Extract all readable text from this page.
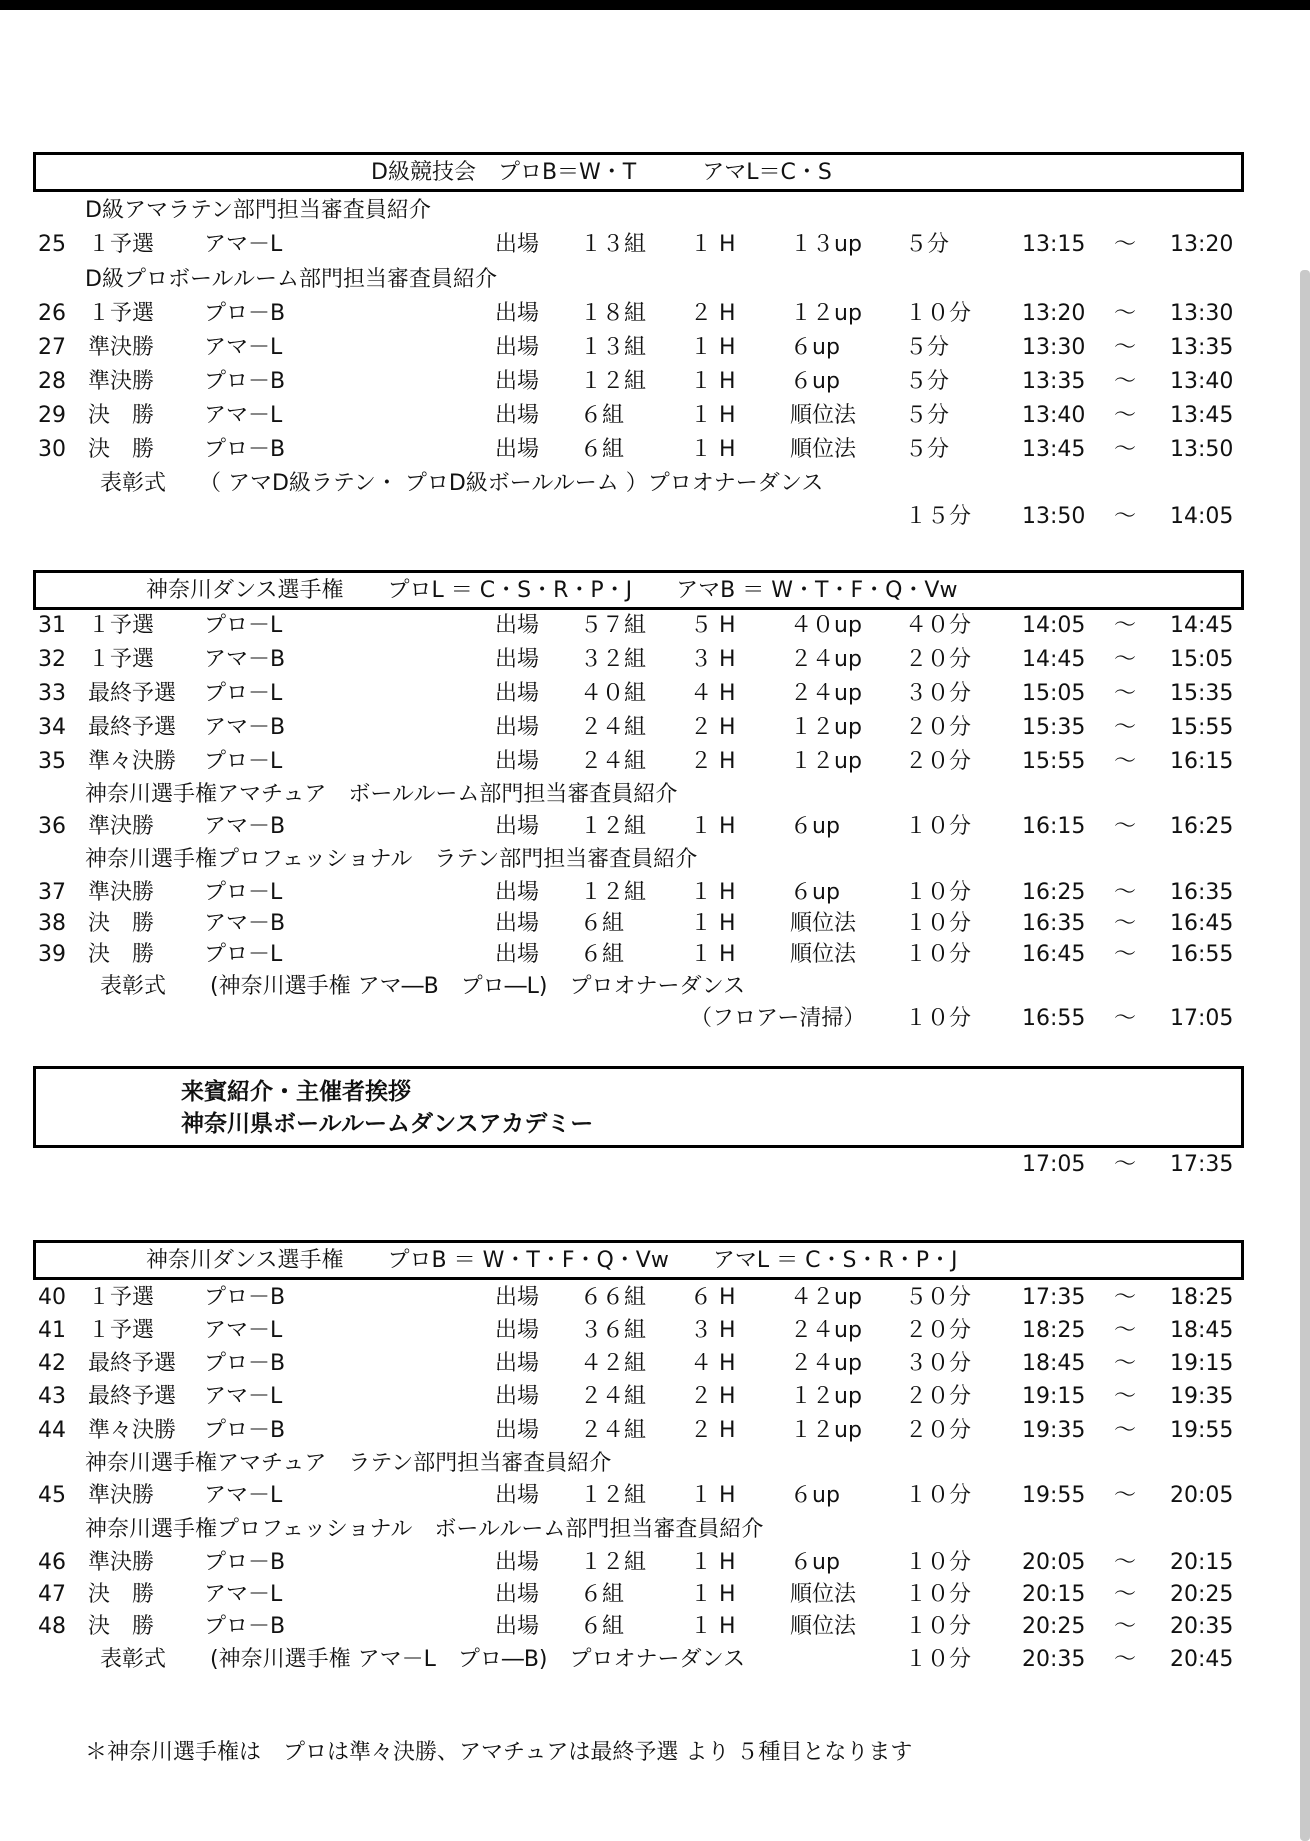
D級競技会　プロB＝W・T　　　アマL＝C・S
D級アマラテン部門担当審査員紹介
25 １予選 アマ－L	出場 １３組 １ H １３up ５分	13:15 ～ 13:20
D級プロボールルーム部門担当審査員紹介
26 １予選 プロ－B	出場 １８組 ２ H １２up １０分 13:20 ～ 13:30
27 準決勝 アマ－L	出場 １３組 １ H ６up	５分	13:30 ～ 13:35
28 準決勝 プロ－B	出場 １２組 １ H ６up	５分	13:35 ～ 13:40
29 決　勝 アマ－L	出場 ６組	１ H 順位法 ５分	13:40 ～ 13:45
30 決　勝 プロ－B	出場 ６組	１ H 順位法 ５分	13:45 ～ 13:50
表彰式　　（ アマD級ラテン・ プロD級ボールルーム ）プロオナーダンス
１５分 13:50 ～ 14:05
神奈川ダンス選手権　　プロL ＝ C・S・R・P・J　　アマB ＝ W・T・F・Q・Vw
31 １予選 プロ－L	出場 ５７組 ５ H ４０up ４０分 14:05 ～ 14:45
32 １予選 アマ－B	出場 ３２組 ３ H ２４up ２０分 14:45 ～ 15:05
33 最終予選 プロ－L	出場 ４０組 ４ H ２４up ３０分 15:05 ～ 15:35
34 最終予選 アマ－B	出場 ２４組 ２ H １２up ２０分 15:35 ～ 15:55
35 準々決勝 プロ－L	出場 ２４組 ２ H １２up ２０分 15:55 ～ 16:15
神奈川選手権アマチュア　ボールルーム部門担当審査員紹介
36 準決勝 アマ－B	出場 １２組 １ H ６up	１０分 16:15 ～ 16:25
神奈川選手権プロフェッショナル　ラテン部門担当審査員紹介
37 準決勝 プロ－L	出場 １２組 １ H ６up	１０分 16:25 ～ 16:35
38 決　勝 アマ－B	出場 ６組	１ H 順位法 １０分 16:35 ～ 16:45
39 決　勝 プロ－L	出場 ６組	１ H 順位法 １０分 16:45 ～ 16:55
表彰式　　(神奈川選手権 アマ―B　プロ―L)　プロオナーダンス
（フロアー清掃） １０分 16:55 ～ 17:05
来賓紹介・主催者挨拶
神奈川県ボールルームダンスアカデミー
17:05 ～ 17:35
神奈川ダンス選手権　　プロB ＝ W・T・F・Q・Vw　　アマL ＝ C・S・R・P・J
40 １予選 プロ－B	出場 ６６組 ６ H ４２up ５０分 17:35 ～ 18:25
41 １予選 アマ－L	出場 ３６組 ３ H ２４up ２０分 18:25 ～ 18:45
42 最終予選 プロ－B	出場 ４２組 ４ H ２４up ３０分 18:45 ～ 19:15
43 最終予選 アマ－L	出場 ２４組 ２ H １２up ２０分 19:15 ～ 19:35
44 準々決勝 プロ－B	出場 ２４組 ２ H １２up ２０分 19:35 ～ 19:55
神奈川選手権アマチュア　ラテン部門担当審査員紹介
45 準決勝 アマ－L	出場 １２組 １ H ６up	１０分 19:55 ～ 20:05
神奈川選手権プロフェッショナル　ボールルーム部門担当審査員紹介
46 準決勝 プロ－B	出場 １２組 １ H ６up	１０分 20:05 ～ 20:15
47 決　勝 アマ－L	出場 ６組	１ H 順位法 １０分 20:15 ～ 20:25
48 決　勝 プロ－B	出場 ６組	１ H 順位法 １０分 20:25 ～ 20:35
表彰式　　(神奈川選手権 アマ－L　プロ―B)　プロオナーダンス	１０分 20:35 ～ 20:45
＊神奈川選手権は　プロは準々決勝、アマチュアは最終予選 より ５種目となります
